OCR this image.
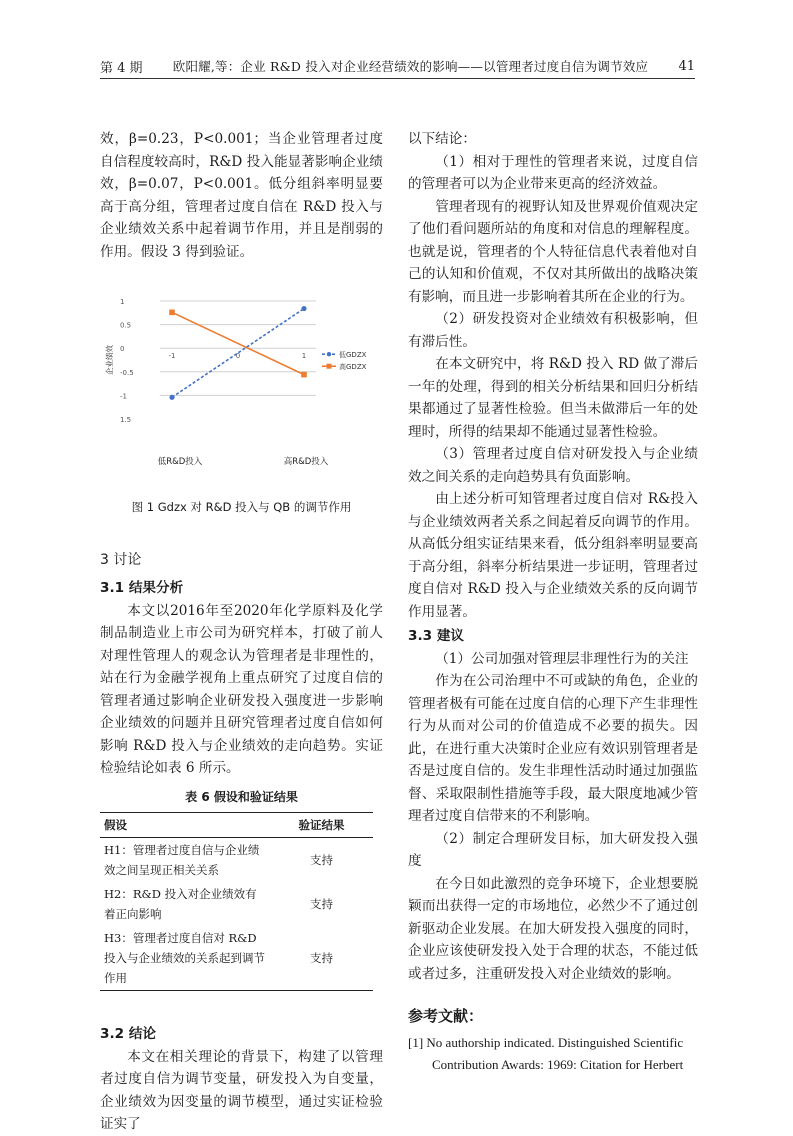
第 4 期 欧阳耀,等：企业 R&D 投入对企业经营绩效的影响——以管理者过度自信为调节效应 41

效，β=0.23，P<0.001；当企业管理者过度自信程度较高时，R&D 投入能显著影响企业绩效，β=0.07，P<0.001。低分组斜率明显要高于高分组，管理者过度自信在 R&D 投入与企业绩效关系中起着调节作用，并且是削弱的作用。假设 3 得到验证。

1
0.5
0
-0.5
-1
1.5
-1	0	1
企业绩效
低R&D投入	高R&D投入
低GDZX
高GDZX
图 1 Gdzx 对 R&D 投入与 QB 的调节作用
3 讨论
3.1 结果分析

本文以2016年至2020年化学原料及化学制品制造业上市公司为研究样本，打破了前人对理性管理人的观念认为管理者是非理性的，站在行为金融学视角上重点研究了过度自信的管理者通过影响企业研发投入强度进一步影响企业绩效的问题并且研究管理者过度自信如何影响 R&D 投入与企业绩效的走向趋势。实证检验结论如表 6 所示。

表 6 假设和验证结果
假设	验证结果
H1：管理者过度自信与企业绩效之间呈现正相关关系	支持
H2：R&D 投入对企业绩效有着正向影响	支持
H3：管理者过度自信对 R&D 投入与企业绩效的关系起到调节作用	支持
3.2 结论

本文在相关理论的背景下，构建了以管理者过度自信为调节变量，研发投入为自变量，企业绩效为因变量的调节模型，通过实证检验证实了

以下结论：

（1）相对于理性的管理者来说，过度自信的管理者可以为企业带来更高的经济效益。

管理者现有的视野认知及世界观价值观决定了他们看问题所站的角度和对信息的理解程度。也就是说，管理者的个人特征信息代表着他对自己的认知和价值观，不仅对其所做出的战略决策有影响，而且进一步影响着其所在企业的行为。

（2）研发投资对企业绩效有积极影响，但有滞后性。

在本文研究中，将 R&D 投入 RD 做了滞后一年的处理，得到的相关分析结果和回归分析结果都通过了显著性检验。但当未做滞后一年的处理时，所得的结果却不能通过显著性检验。

（3）管理者过度自信对研发投入与企业绩效之间关系的走向趋势具有负面影响。

由上述分析可知管理者过度自信对 R&投入与企业绩效两者关系之间起着反向调节的作用。从高低分组实证结果来看，低分组斜率明显要高于高分组，斜率分析结果进一步证明，管理者过度自信对 R&D 投入与企业绩效关系的反向调节作用显著。

3.3 建议

（1）公司加强对管理层非理性行为的关注

作为在公司治理中不可或缺的角色，企业的管理者极有可能在过度自信的心理下产生非理性行为从而对公司的价值造成不必要的损失。因此，在进行重大决策时企业应有效识别管理者是否是过度自信的。发生非理性活动时通过加强监督、采取限制性措施等手段，最大限度地减少管理者过度自信带来的不利影响。

（2）制定合理研发目标，加大研发投入强度

在今日如此激烈的竞争环境下，企业想要脱颖而出获得一定的市场地位，必然少不了通过创新驱动企业发展。在加大研发投入强度的同时，企业应该使研发投入处于合理的状态，不能过低或者过多，注重研发投入对企业绩效的影响。

参考文献：

[1] No authorship indicated. Distinguished Scientific Contribution Awards: 1969: Citation for Herbert
